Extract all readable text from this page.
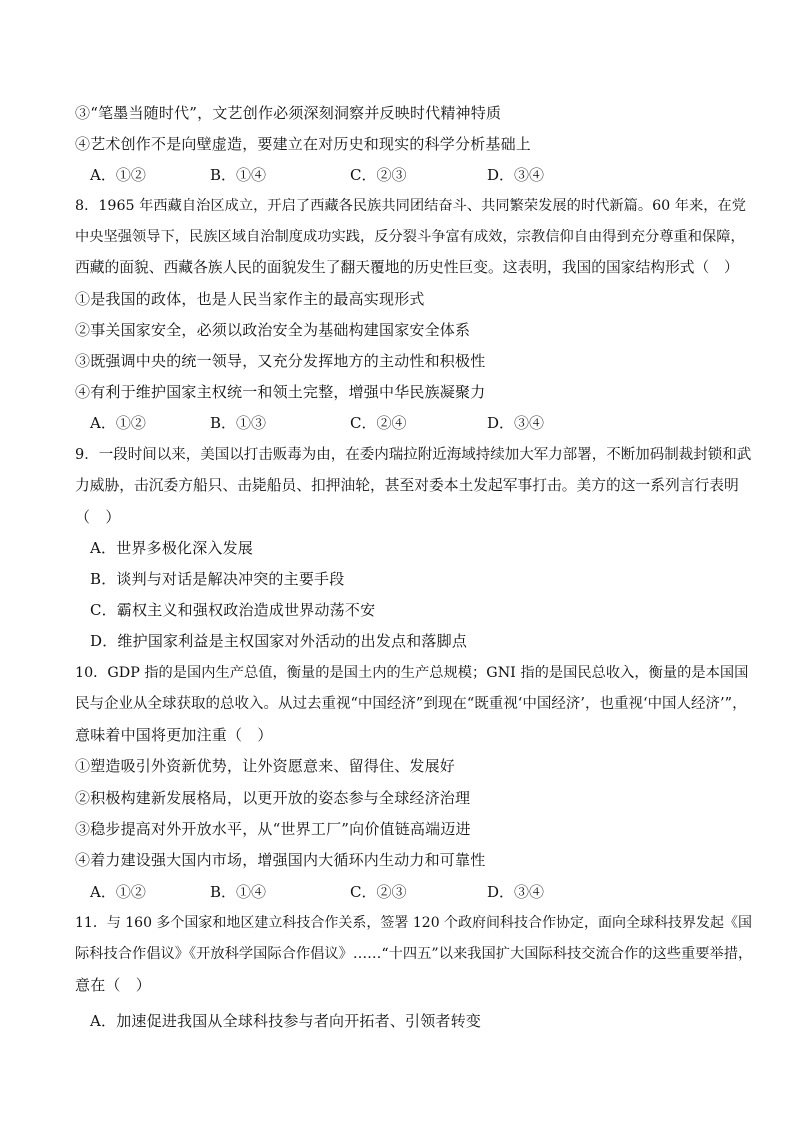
③“笔墨当随时代”，文艺创作必须深刻洞察并反映时代精神特质
④艺术创作不是向壁虚造，要建立在对历史和现实的科学分析基础上
A．①②	B．①④	C．②③	D．③④
8．1965 年西藏自治区成立，开启了西藏各民族共同团结奋斗、共同繁荣发展的时代新篇。60 年来，在党
中央坚强领导下，民族区域自治制度成功实践，反分裂斗争富有成效，宗教信仰自由得到充分尊重和保障，
西藏的面貌、西藏各族人民的面貌发生了翻天覆地的历史性巨变。这表明，我国的国家结构形式（　）
①是我国的政体，也是人民当家作主的最高实现形式
②事关国家安全，必须以政治安全为基础构建国家安全体系
③既强调中央的统一领导，又充分发挥地方的主动性和积极性
④有利于维护国家主权统一和领土完整，增强中华民族凝聚力
A．①②	B．①③	C．②④	D．③④
9．一段时间以来，美国以打击贩毒为由，在委内瑞拉附近海域持续加大军力部署，不断加码制裁封锁和武
力威胁，击沉委方船只、击毙船员、扣押油轮，甚至对委本土发起军事打击。美方的这一系列言行表明
（　）
A．世界多极化深入发展
B．谈判与对话是解决冲突的主要手段
C．霸权主义和强权政治造成世界动荡不安
D．维护国家利益是主权国家对外活动的出发点和落脚点
10．GDP 指的是国内生产总值，衡量的是国土内的生产总规模；GNI 指的是国民总收入，衡量的是本国国
民与企业从全球获取的总收入。从过去重视“中国经济”到现在“既重视‘中国经济’，也重视‘中国人经济’”，
意味着中国将更加注重（　）
①塑造吸引外资新优势，让外资愿意来、留得住、发展好
②积极构建新发展格局，以更开放的姿态参与全球经济治理
③稳步提高对外开放水平，从“世界工厂”向价值链高端迈进
④着力建设强大国内市场，增强国内大循环内生动力和可靠性
A．①②	B．①④	C．②③	D．③④
11．与 160 多个国家和地区建立科技合作关系，签署 120 个政府间科技合作协定，面向全球科技界发起《国
际科技合作倡议》《开放科学国际合作倡议》……“十四五”以来我国扩大国际科技交流合作的这些重要举措，
意在（　）
A．加速促进我国从全球科技参与者向开拓者、引领者转变
